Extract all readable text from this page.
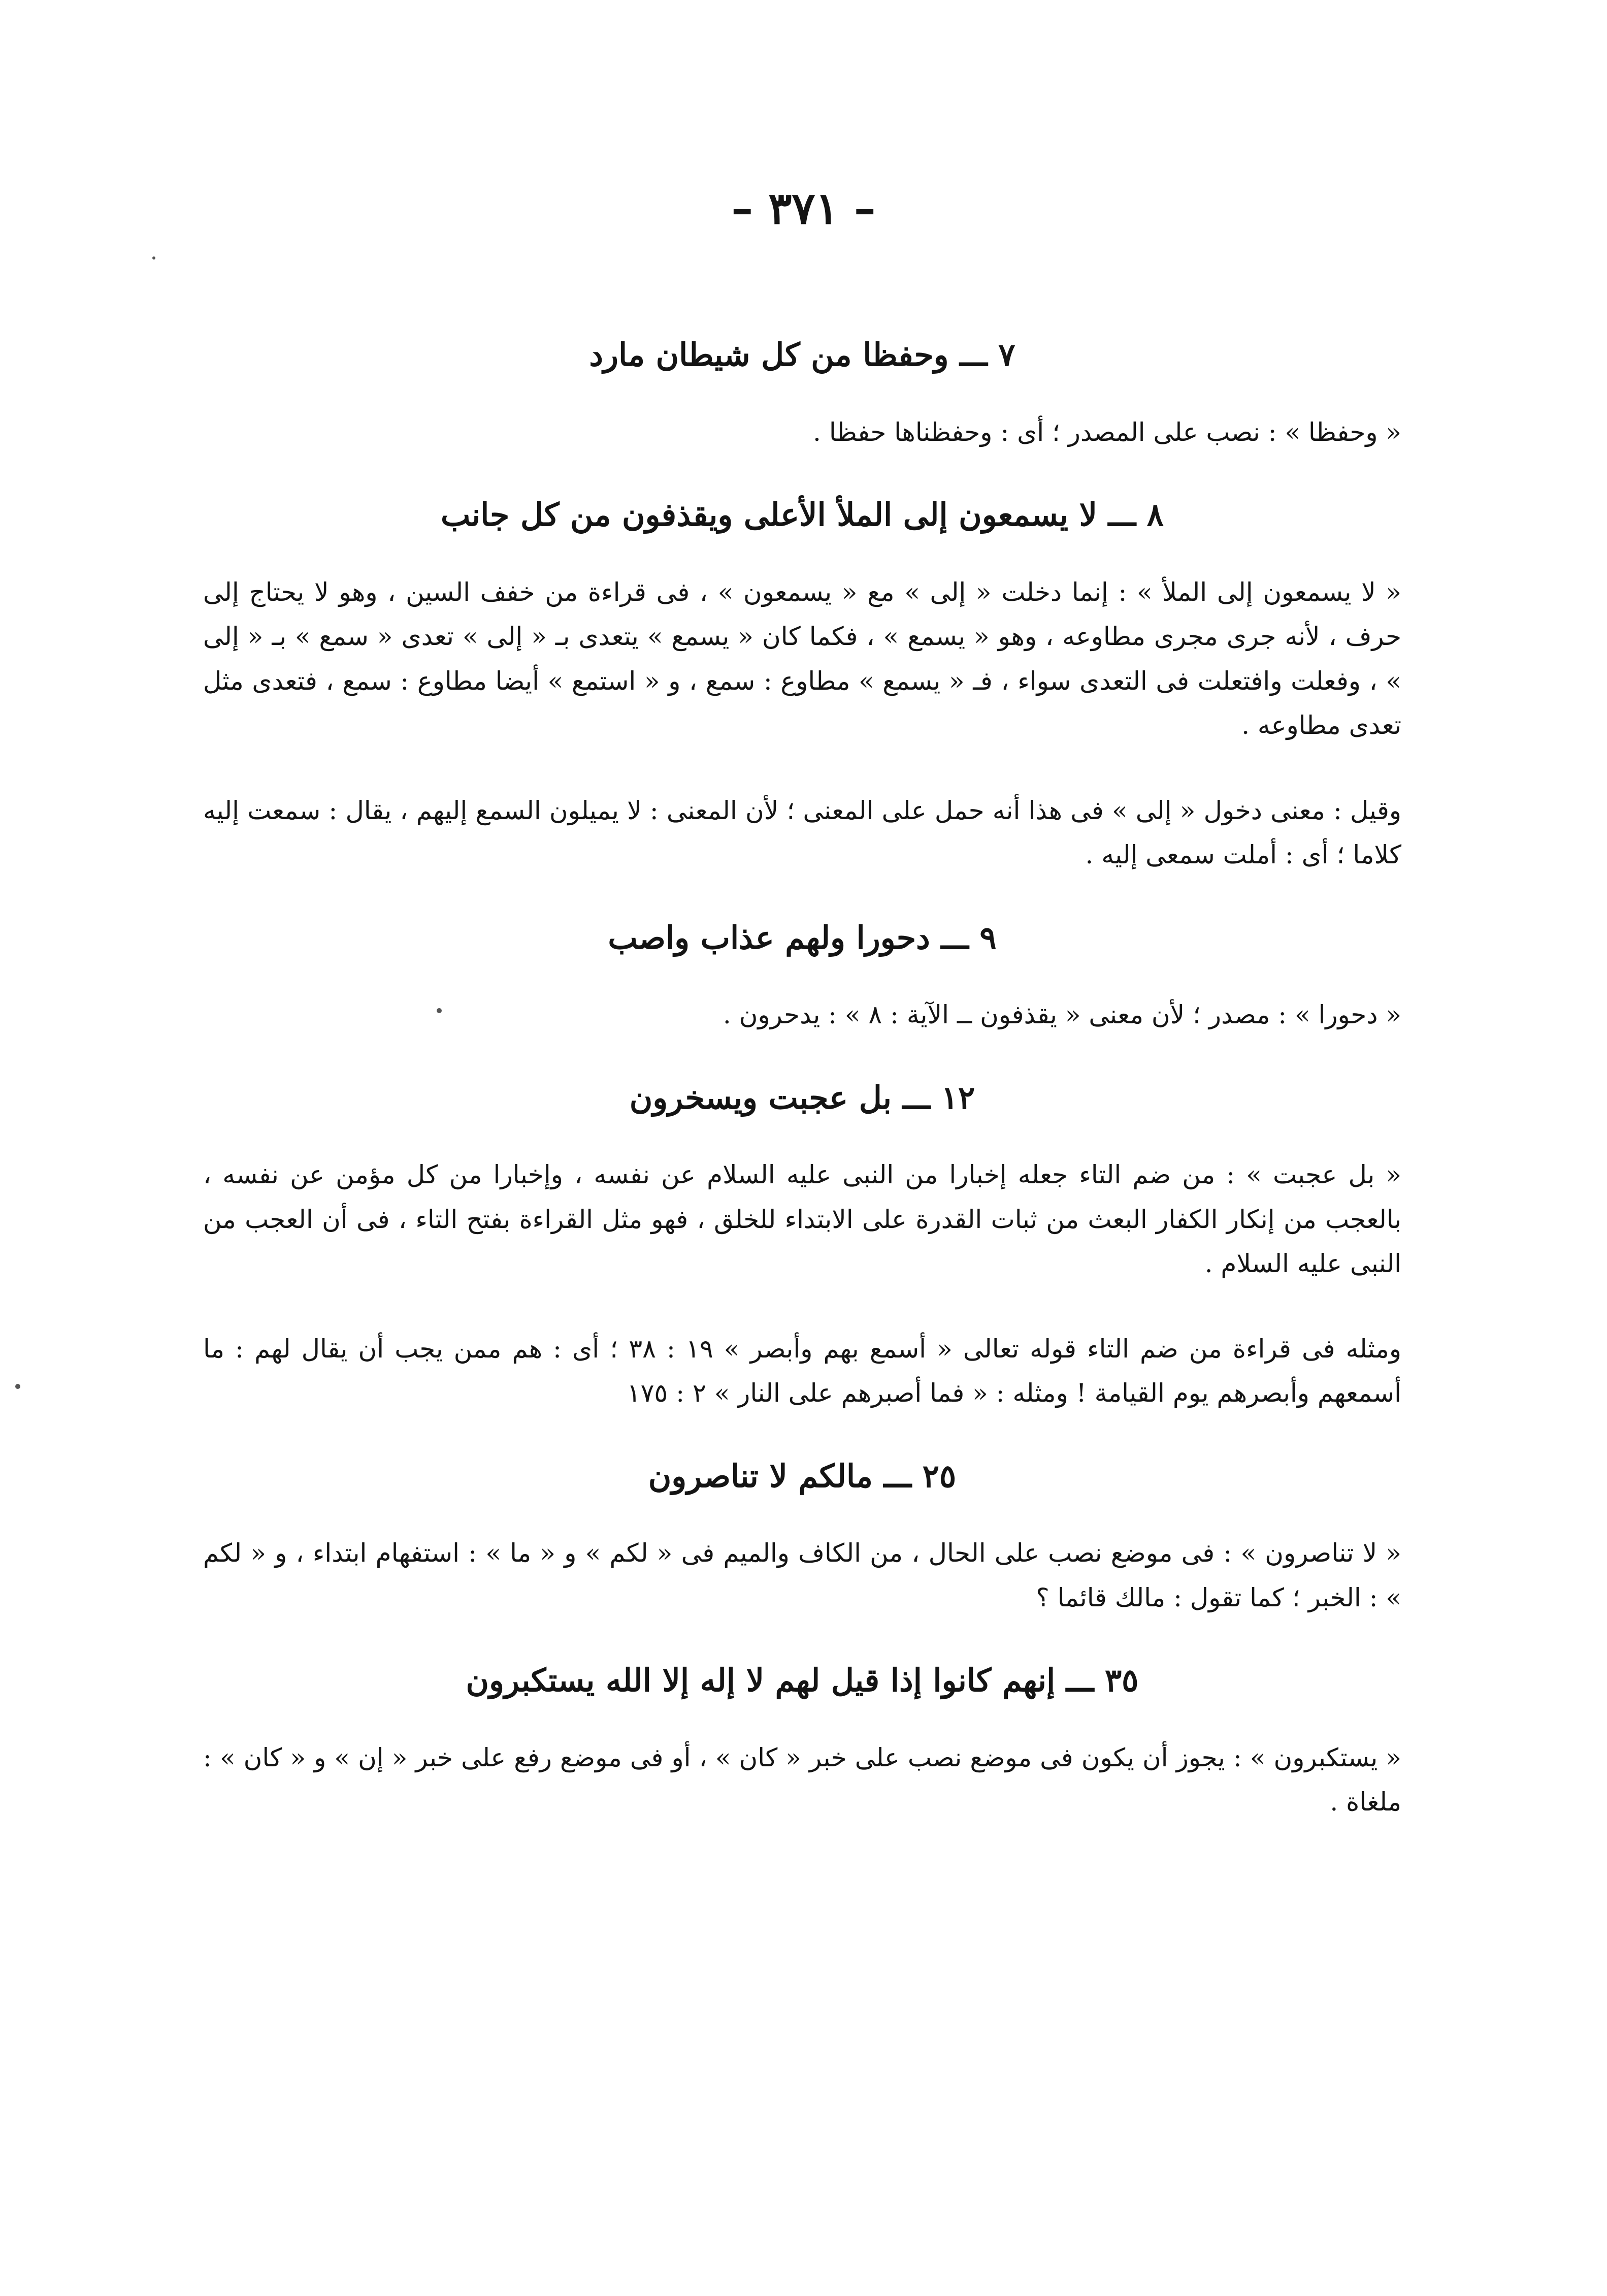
– ٣٧١ –
٧ ـــ وحفظا من كل شيطان مارد

« وحفظا » : نصب على المصدر ؛ أى : وحفظناها حفظا .

٨ ـــ لا يسمعون إلى الملأ الأعلى ويقذفون من كل جانب

« لا يسمعون إلى الملأ » : إنما دخلت « إلى » مع « يسمعون » ، فى قراءة من خفف السين ، وهو لا يحتاج إلى حرف ، لأنه جرى مجرى مطاوعه ، وهو « يسمع » ، فكما كان « يسمع » يتعدى بـ « إلى » تعدى « سمع » بـ « إلى » ، وفعلت وافتعلت فى التعدى سواء ، فـ « يسمع » مطاوع : سمع ، و « استمع » أيضا مطاوع : سمع ، فتعدى مثل تعدى مطاوعه .

وقيل : معنى دخول « إلى » فى هذا أنه حمل على المعنى ؛ لأن المعنى : لا يميلون السمع إليهم ، يقال : سمعت إليه كلاما ؛ أى : أملت سمعى إليه .

٩ ـــ دحورا ولهم عذاب واصب

« دحورا » : مصدر ؛ لأن معنى « يقذفون ــ الآية : ٨ » : يدحرون .

١٢ ـــ بل عجبت ويسخرون

« بل عجبت » : من ضم التاء جعله إخبارا من النبى عليه السلام عن نفسه ، وإخبارا من كل مؤمن عن نفسه ، بالعجب من إنكار الكفار البعث من ثبات القدرة على الابتداء للخلق ، فهو مثل القراءة بفتح التاء ، فى أن العجب من النبى عليه السلام .

ومثله فى قراءة من ضم التاء قوله تعالى « أسمع بهم وأبصر » ١٩ : ٣٨ ؛ أى : هم ممن يجب أن يقال لهم : ما أسمعهم وأبصرهم يوم القيامة ! ومثله : « فما أصبرهم على النار » ٢ : ١٧٥

٢٥ ـــ مالكم لا تناصرون

« لا تناصرون » : فى موضع نصب على الحال ، من الكاف والميم فى « لكم » و « ما » : استفهام ابتداء ، و « لكم » : الخبر ؛ كما تقول : مالك قائما ؟

٣٥ ـــ إنهم كانوا إذا قيل لهم لا إله إلا الله يستكبرون

« يستكبرون » : يجوز أن يكون فى موضع نصب على خبر « كان » ، أو فى موضع رفع على خبر « إن » و « كان » : ملغاة .
